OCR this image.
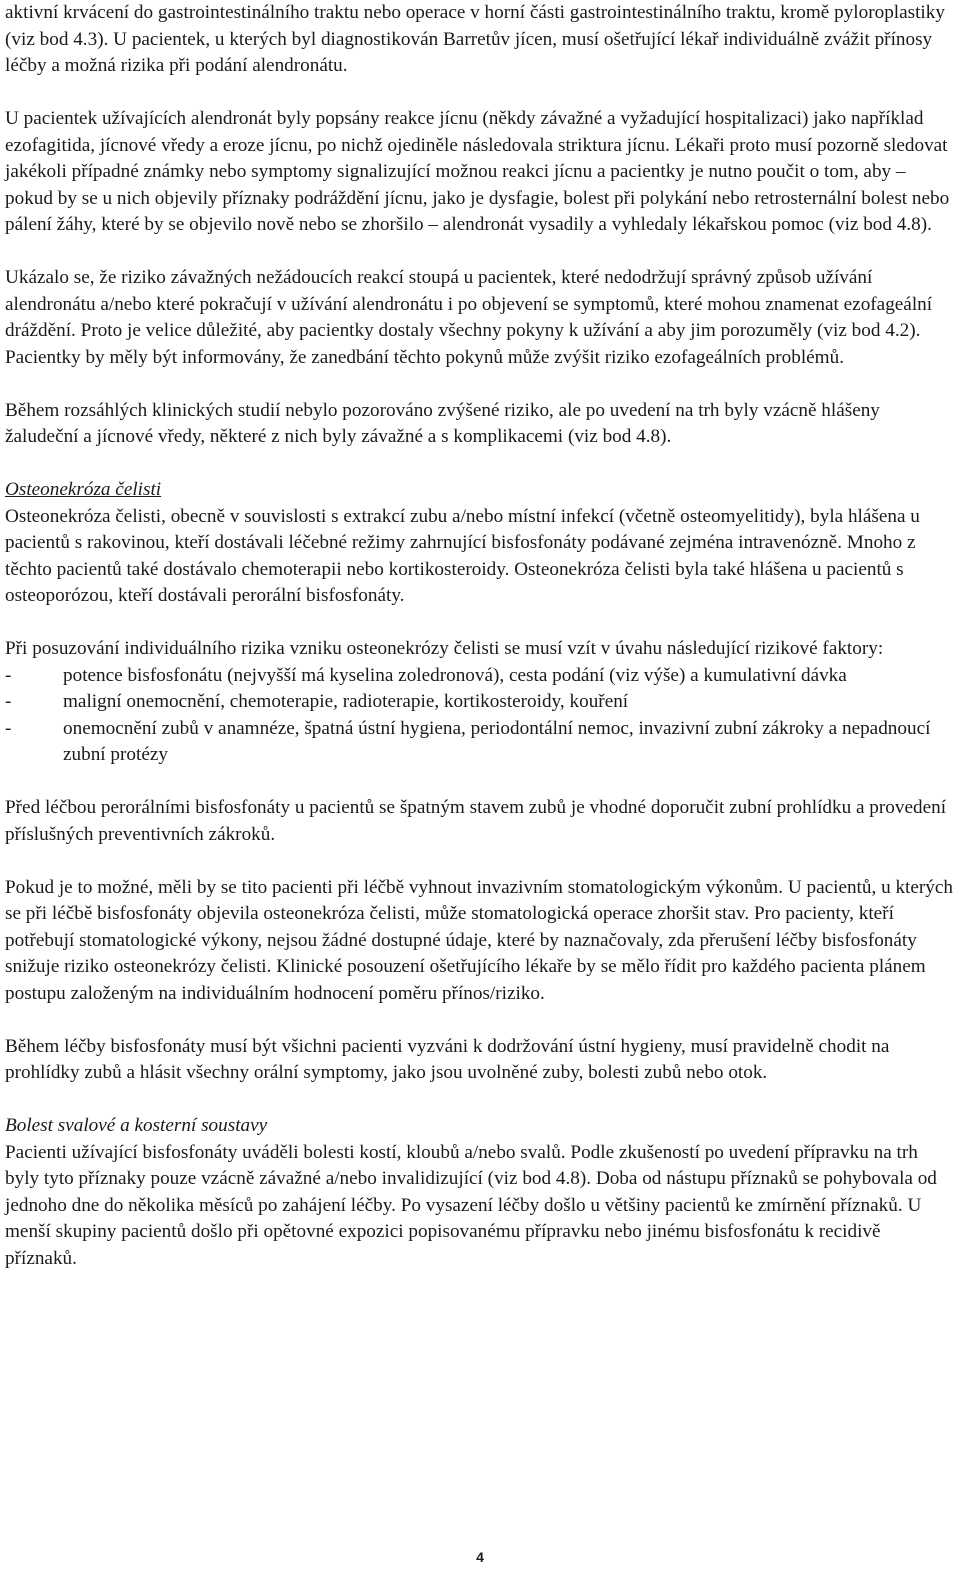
aktivní krvácení do gastrointestinálního traktu nebo operace v horní části gastrointestinálního traktu, kromě pyloroplastiky (viz bod 4.3). U pacientek, u kterých byl diagnostikován Barretův jícen, musí ošetřující lékař individuálně zvážit přínosy léčby a možná rizika při podání alendronátu.

U pacientek užívajících alendronát byly popsány reakce jícnu (někdy závažné a vyžadující hospitalizaci) jako například ezofagitida, jícnové vředy a eroze jícnu, po nichž ojediněle následovala striktura jícnu. Lékaři proto musí pozorně sledovat jakékoli případné známky nebo symptomy signalizující možnou reakci jícnu a pacientky je nutno poučit o tom, aby – pokud by se u nich objevily příznaky podráždění jícnu, jako je dysfagie, bolest při polykání nebo retrosternální bolest nebo pálení žáhy, které by se objevilo nově nebo se zhoršilo – alendronát vysadily a vyhledaly lékařskou pomoc (viz bod 4.8).

Ukázalo se, že riziko závažných nežádoucích reakcí stoupá u pacientek, které nedodržují správný způsob užívání alendronátu a/nebo které pokračují v užívání alendronátu i po objevení se symptomů, které mohou znamenat ezofageální dráždění. Proto je velice důležité, aby pacientky dostaly všechny pokyny k užívání a aby jim porozuměly (viz bod 4.2). Pacientky by měly být informovány, že zanedbání těchto pokynů může zvýšit riziko ezofageálních problémů.

Během rozsáhlých klinických studií nebylo pozorováno zvýšené riziko, ale po uvedení na trh byly vzácně hlášeny žaludeční a jícnové vředy, některé z nich byly závažné a s komplikacemi (viz bod 4.8).

Osteonekróza čelisti

Osteonekróza čelisti, obecně v souvislosti s extrakcí zubu a/nebo místní infekcí (včetně osteomyelitidy), byla hlášena u pacientů s rakovinou, kteří dostávali léčebné režimy zahrnující bisfosfonáty podávané zejména intravenózně. Mnoho z těchto pacientů také dostávalo chemoterapii nebo kortikosteroidy. Osteonekróza čelisti byla také hlášena u pacientů s osteoporózou, kteří dostávali perorální bisfosfonáty.

Při posuzování individuálního rizika vzniku osteonekrózy čelisti se musí vzít v úvahu následující rizikové faktory:

-	potence bisfosfonátu (nejvyšší má kyselina zoledronová), cesta podání (viz výše) a kumulativní dávka
-	maligní onemocnění, chemoterapie, radioterapie, kortikosteroidy, kouření
-	onemocnění zubů v anamnéze, špatná ústní hygiena, periodontální nemoc, invazivní zubní zákroky a nepadnoucí zubní protézy

Před léčbou perorálními bisfosfonáty u pacientů se špatným stavem zubů je vhodné doporučit zubní prohlídku a provedení příslušných preventivních zákroků.

Pokud je to možné, měli by se tito pacienti při léčbě vyhnout invazivním stomatologickým výkonům. U pacientů, u kterých se při léčbě bisfosfonáty objevila osteonekróza čelisti, může stomatologická operace zhoršit stav. Pro pacienty, kteří potřebují stomatologické výkony, nejsou žádné dostupné údaje, které by naznačovaly, zda přerušení léčby bisfosfonáty snižuje riziko osteonekrózy čelisti. Klinické posouzení ošetřujícího lékaře by se mělo řídit pro každého pacienta plánem postupu založeným na individuálním hodnocení poměru přínos/riziko.

Během léčby bisfosfonáty musí být všichni pacienti vyzváni k dodržování ústní hygieny, musí pravidelně chodit na prohlídky zubů a hlásit všechny orální symptomy, jako jsou uvolněné zuby, bolesti zubů nebo otok.

Bolest svalové a kosterní soustavy

Pacienti užívající bisfosfonáty uváděli bolesti kostí, kloubů a/nebo svalů. Podle zkušeností po uvedení přípravku na trh byly tyto příznaky pouze vzácně závažné a/nebo invalidizující (viz bod 4.8). Doba od nástupu příznaků se pohybovala od jednoho dne do několika měsíců po zahájení léčby. Po vysazení léčby došlo u většiny pacientů ke zmírnění příznaků. U menší skupiny pacientů došlo při opětovné expozici popisovanému přípravku nebo jinému bisfosfonátu k recidivě příznaků.

4
